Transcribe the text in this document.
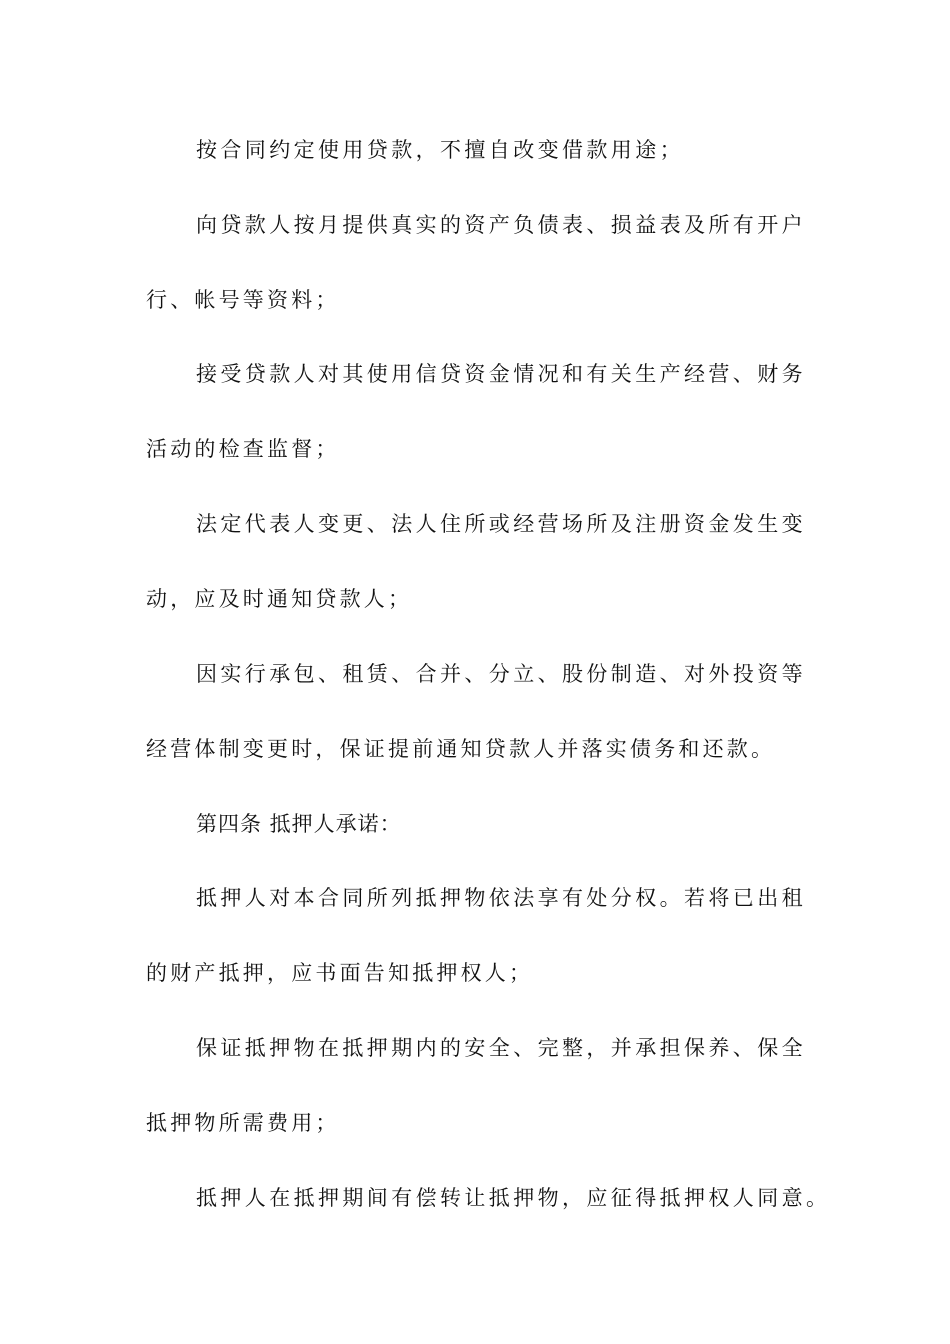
按合同约定使用贷款，不擅自改变借款用途；
向贷款人按月提供真实的资产负债表、损益表及所有开户
行、帐号等资料；
接受贷款人对其使用信贷资金情况和有关生产经营、财务
活动的检查监督；
法定代表人变更、法人住所或经营场所及注册资金发生变
动，应及时通知贷款人；
因实行承包、租赁、合并、分立、股份制造、对外投资等
经营体制变更时，保证提前通知贷款人并落实债务和还款。
第四条 抵押人承诺：
抵押人对本合同所列抵押物依法享有处分权。若将已出租
的财产抵押，应书面告知抵押权人；
保证抵押物在抵押期内的安全、完整，并承担保养、保全
抵押物所需费用；
抵押人在抵押期间有偿转让抵押物，应征得抵押权人同意。
